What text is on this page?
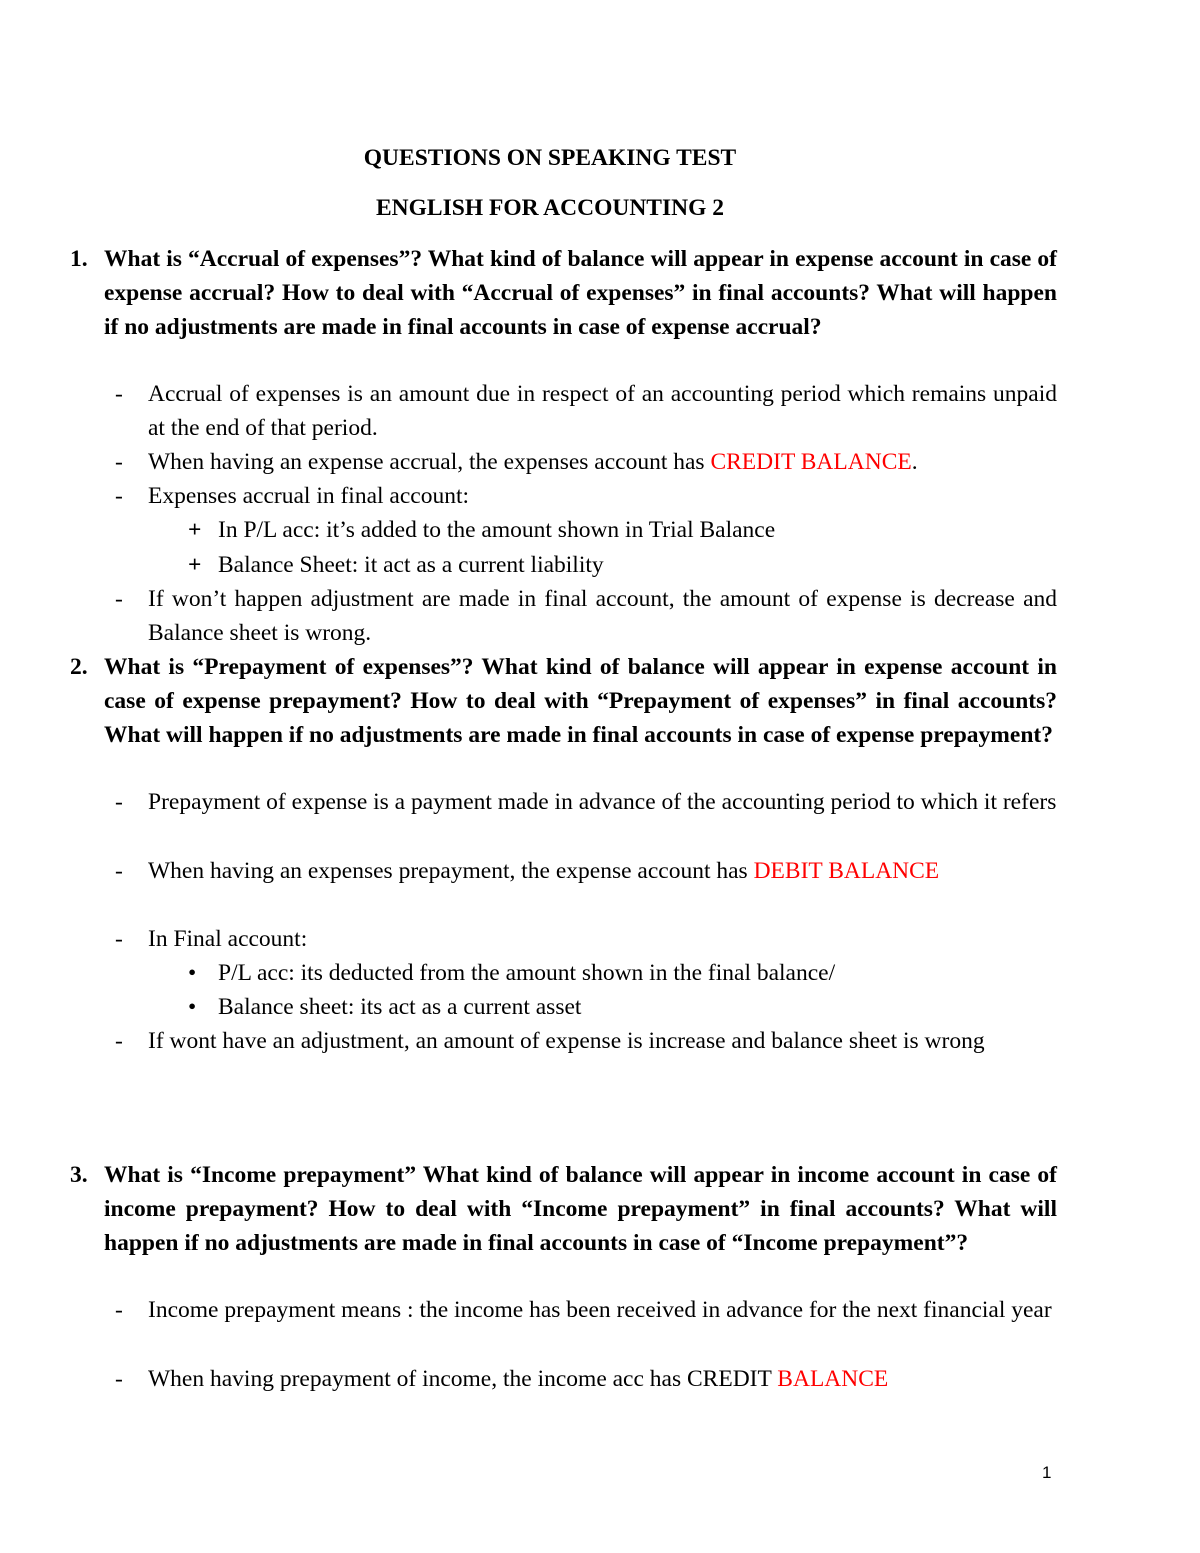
QUESTIONS ON SPEAKING TEST
ENGLISH FOR ACCOUNTING 2

1. What is “Accrual of expenses”? What kind of balance will appear in expense account in case of expense accrual? How to deal with “Accrual of expenses” in final accounts? What will happen if no adjustments are made in final accounts in case of expense accrual?

- Accrual of expenses is an amount due in respect of an accounting period which remains unpaid at the end of that period.

- When having an expense accrual, the expenses account has CREDIT BALANCE.

- Expenses accrual in final account:

+ In P/L acc: it’s added to the amount shown in Trial Balance

+ Balance Sheet: it act as a current liability

- If won’t happen adjustment are made in final account, the amount of expense is decrease and Balance sheet is wrong.

2. What is “Prepayment of expenses”? What kind of balance will appear in expense account in case of expense prepayment? How to deal with “Prepayment of expenses” in final accounts? What will happen if no adjustments are made in final accounts in case of expense prepayment?

- Prepayment of expense is a payment made in advance of the accounting period to which it refers

- When having an expenses prepayment, the expense account has DEBIT BALANCE

- In Final account:

• P/L acc: its deducted from the amount shown in the final balance/

• Balance sheet: its act as a current asset

- If wont have an adjustment, an amount of expense is increase and balance sheet is wrong

3. What is “Income prepayment” What kind of balance will appear in income account in case of income prepayment? How to deal with “Income prepayment” in final accounts? What will happen if no adjustments are made in final accounts in case of “Income prepayment”?

- Income prepayment means : the income has been received in advance for the next financial year

- When having prepayment of income, the income acc has CREDIT BALANCE

1
